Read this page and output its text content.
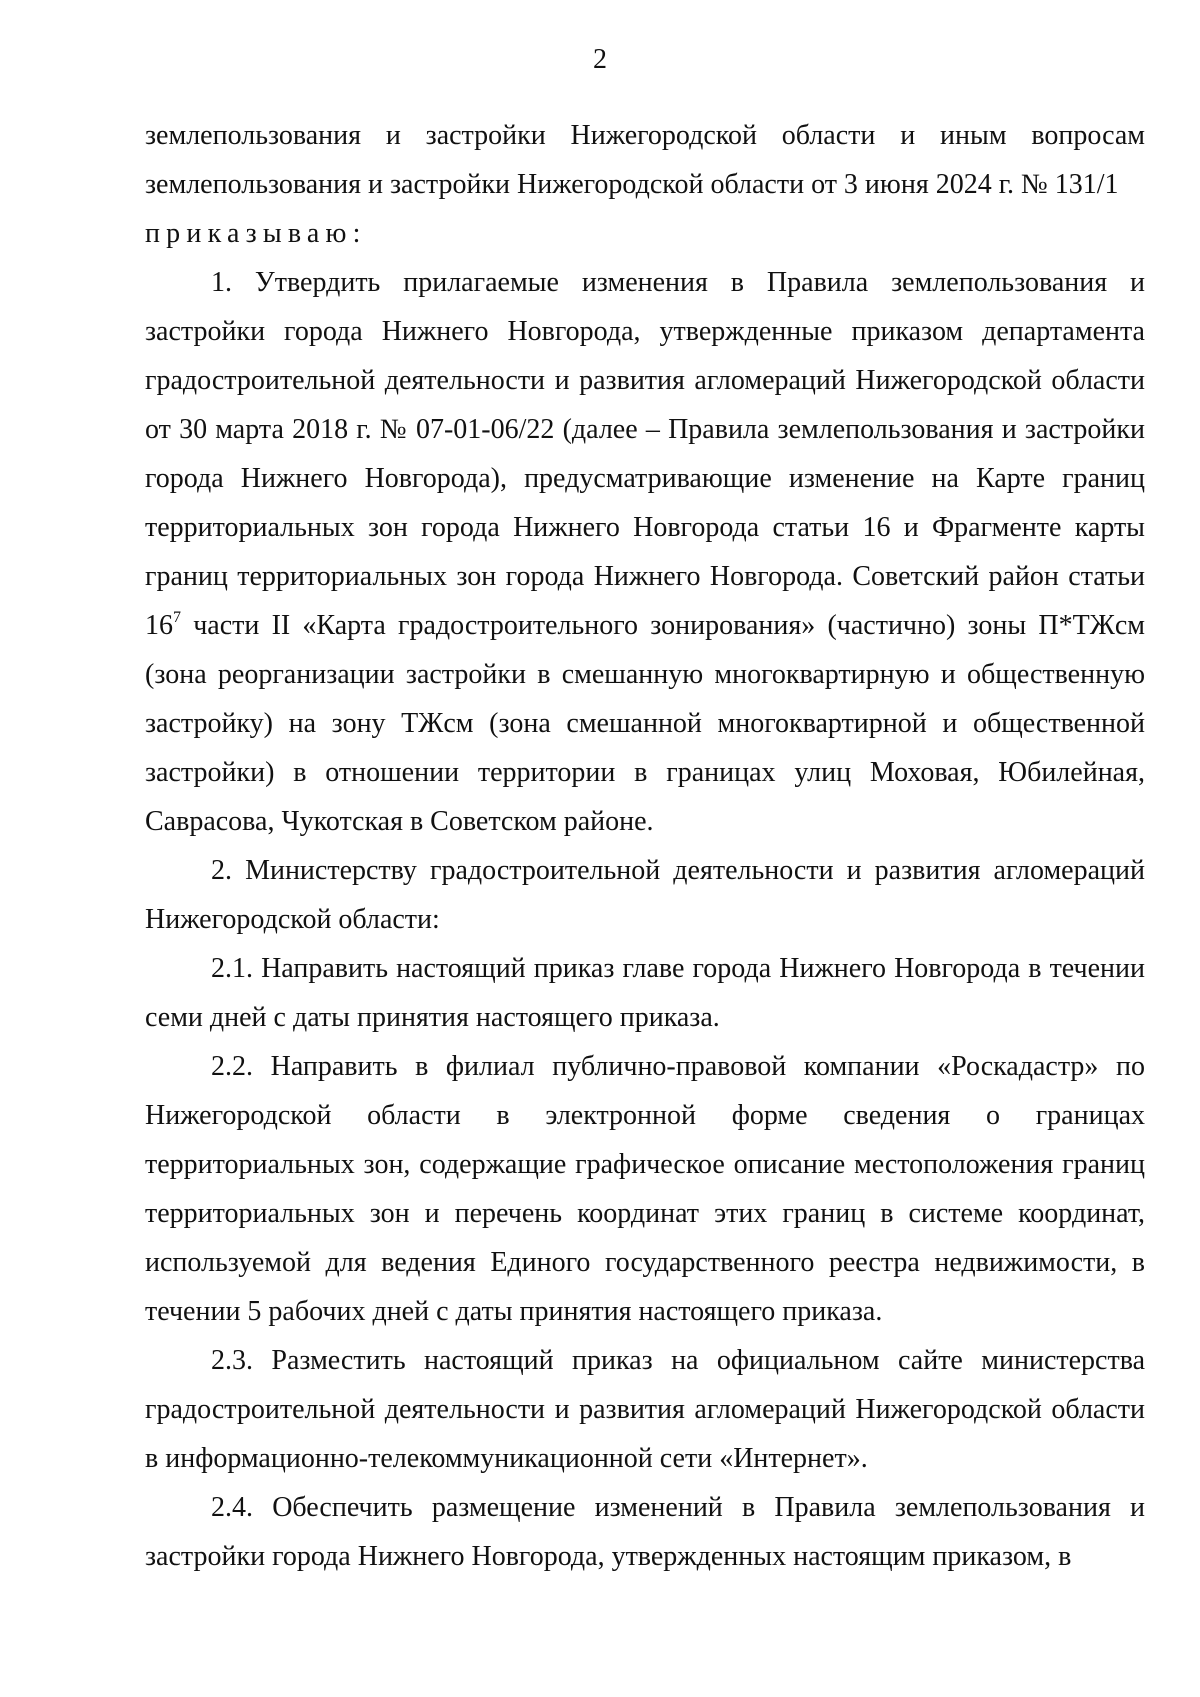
2

землепользования и застройки Нижегородской области и иным вопросам землепользования и застройки Нижегородской области от 3 июня 2024 г. № 131/1

приказываю:

1. Утвердить прилагаемые изменения в Правила землепользования и застройки города Нижнего Новгорода, утвержденные приказом департамента градостроительной деятельности и развития агломераций Нижегородской области от 30 марта 2018 г. № 07-01-06/22 (далее – Правила землепользования и застройки города Нижнего Новгорода), предусматривающие изменение на Карте границ территориальных зон города Нижнего Новгорода статьи 16 и Фрагменте карты границ территориальных зон города Нижнего Новгорода. Советский район статьи $16^7$ части II «Карта градостроительного зонирования» (частично) зоны П*ТЖсм (зона реорганизации застройки в смешанную многоквартирную и общественную застройку) на зону ТЖсм (зона смешанной многоквартирной и общественной застройки) в отношении территории в границах улиц Моховая, Юбилейная, Саврасова, Чукотская в Советском районе.

2. Министерству градостроительной деятельности и развития агломераций Нижегородской области:

2.1. Направить настоящий приказ главе города Нижнего Новгорода в течении семи дней с даты принятия настоящего приказа.

2.2. Направить в филиал публично-правовой компании «Роскадастр» по Нижегородской области в электронной форме сведения о границах территориальных зон, содержащие графическое описание местоположения границ территориальных зон и перечень координат этих границ в системе координат, используемой для ведения Единого государственного реестра недвижимости, в течении 5 рабочих дней с даты принятия настоящего приказа.

2.3. Разместить настоящий приказ на официальном сайте министерства градостроительной деятельности и развития агломераций Нижегородской области в информационно-телекоммуникационной сети «Интернет».

2.4. Обеспечить размещение изменений в Правила землепользования и застройки города Нижнего Новгорода, утвержденных настоящим приказом, в
